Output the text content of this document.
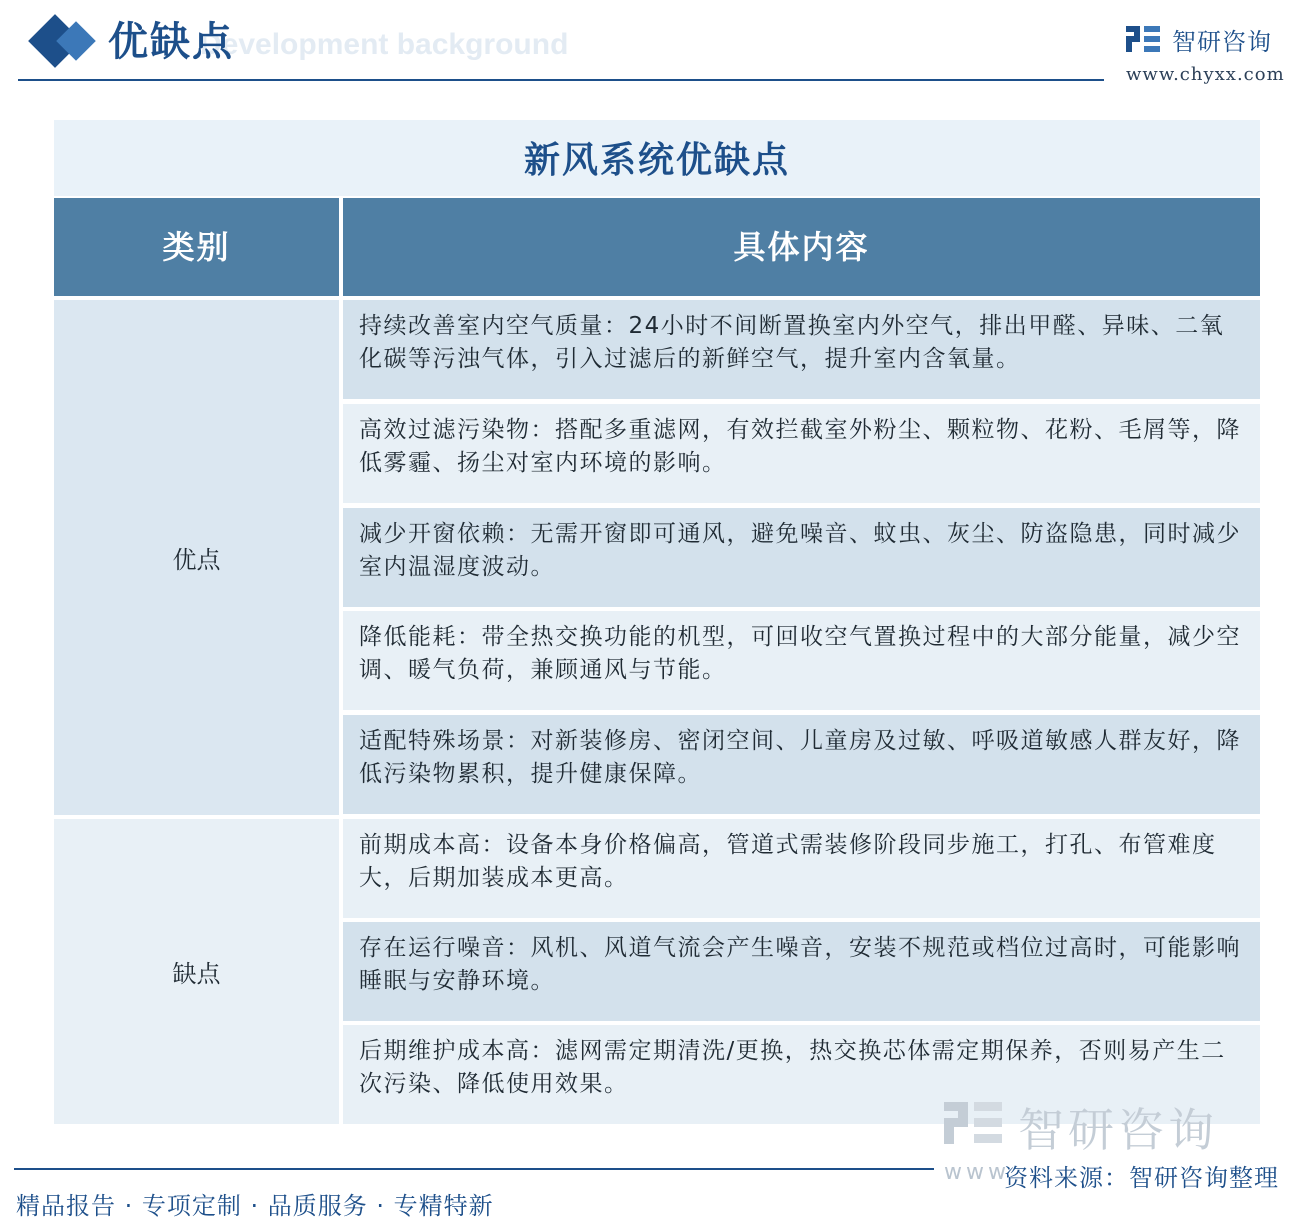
Development background
优缺点	智研咨询
www.chyxx.com
新风系统优缺点
类别	具体内容
优点
持续改善室内空气质量：24小时不间断置换室内外空气，排出甲醛、异味、二氧化碳等污浊气体，引入过滤后的新鲜空气，提升室内含氧量。
高效过滤污染物：搭配多重滤网，有效拦截室外粉尘、颗粒物、花粉、毛屑等，降低雾霾、扬尘对室内环境的影响。
减少开窗依赖：无需开窗即可通风，避免噪音、蚊虫、灰尘、防盗隐患，同时减少室内温湿度波动。
降低能耗：带全热交换功能的机型，可回收空气置换过程中的大部分能量，减少空调、暖气负荷，兼顾通风与节能。
适配特殊场景：对新装修房、密闭空间、儿童房及过敏、呼吸道敏感人群友好，降低污染物累积，提升健康保障。
缺点
前期成本高：设备本身价格偏高，管道式需装修阶段同步施工，打孔、布管难度大，后期加装成本更高。
存在运行噪音：风机、风道气流会产生噪音，安装不规范或档位过高时，可能影响睡眠与安静环境。
后期维护成本高：滤网需定期清洗/更换，热交换芯体需定期保养，否则易产生二次污染、降低使用效果。
智研咨询
精品报告 · 专项定制 · 品质服务 · 专精特新
www
资料来源：智研咨询整理
